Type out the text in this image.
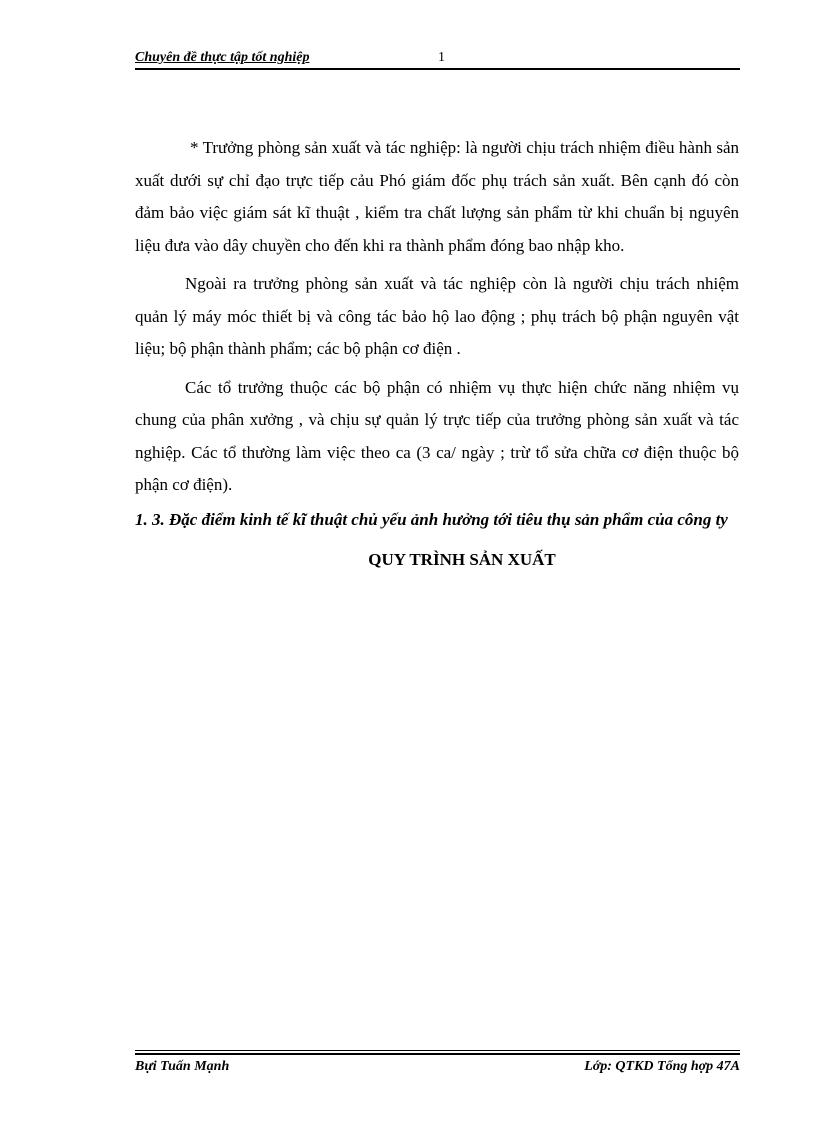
Chuyên đề thực tập tốt nghiệp	1

* Trưởng phòng sản xuất và tác nghiệp: là người chịu trách nhiệm điều hành sản xuất dưới sự chỉ đạo trực tiếp cảu Phó giám đốc phụ trách sản xuất. Bên cạnh đó còn đảm bảo việc giám sát kĩ thuật , kiểm tra chất lượng sản phẩm từ khi chuẩn bị nguyên liệu đưa vào dây chuyền cho đến khi ra thành phẩm đóng bao nhập kho.

Ngoài ra trưởng phòng sản xuất và tác nghiệp còn là người chịu trách nhiệm quản lý máy móc thiết bị và công tác bảo hộ lao động ; phụ trách bộ phận nguyên vật liệu; bộ phận thành phẩm; các bộ phận cơ điện .

Các tổ trưởng thuộc các bộ phận có nhiệm vụ thực hiện chức năng nhiệm vụ chung của phân xưởng , và chịu sự quản lý trực tiếp của trưởng phòng sản xuất và tác nghiệp. Các tổ thường làm việc theo ca (3 ca/ ngày ; trừ tổ sửa chữa cơ điện thuộc bộ phận cơ điện).

1. 3. Đặc điểm kinh tế kĩ thuật chủ yếu ảnh hưởng tới tiêu thụ sản phẩm của công ty

QUY TRÌNH SẢN XUẤT

Bựi Tuấn Mạnh	Lớp: QTKD Tổng hợp 47A
